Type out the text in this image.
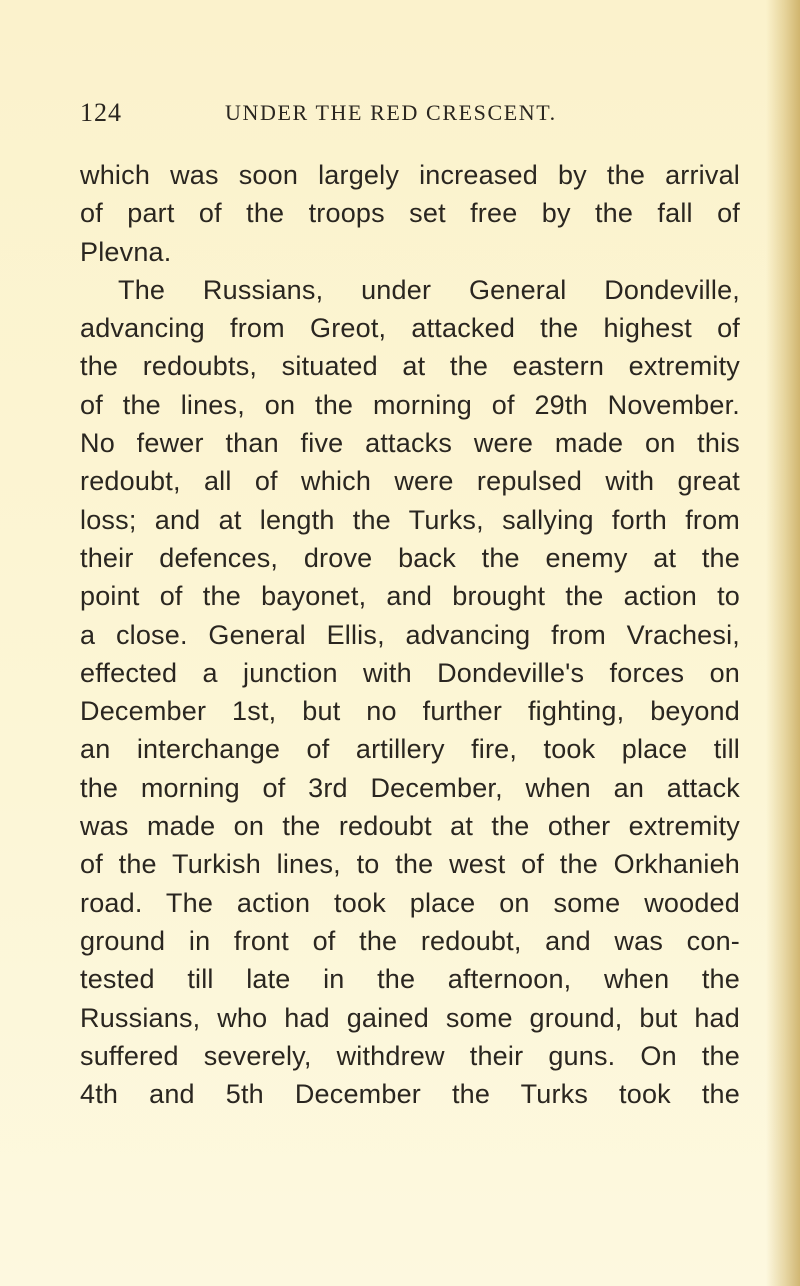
124	UNDER THE RED CRESCENT.
which was soon largely increased by the arrival
of part of the troops set free by the fall of
Plevna.
The Russians, under General Dondeville,
advancing from Greot, attacked the highest of
the redoubts, situated at the eastern extremity
of the lines, on the morning of 29th November.
No fewer than five attacks were made on this
redoubt, all of which were repulsed with great
loss; and at length the Turks, sallying forth from
their defences, drove back the enemy at the
point of the bayonet, and brought the action to
a close. General Ellis, advancing from Vrachesi,
effected a junction with Dondeville's forces on
December 1st, but no further fighting, beyond
an interchange of artillery fire, took place till
the morning of 3rd December, when an attack
was made on the redoubt at the other extremity
of the Turkish lines, to the west of the Orkhanieh
road. The action took place on some wooded
ground in front of the redoubt, and was con-
tested till late in the afternoon, when the
Russians, who had gained some ground, but had
suffered severely, withdrew their guns. On the
4th and 5th December the Turks took the
